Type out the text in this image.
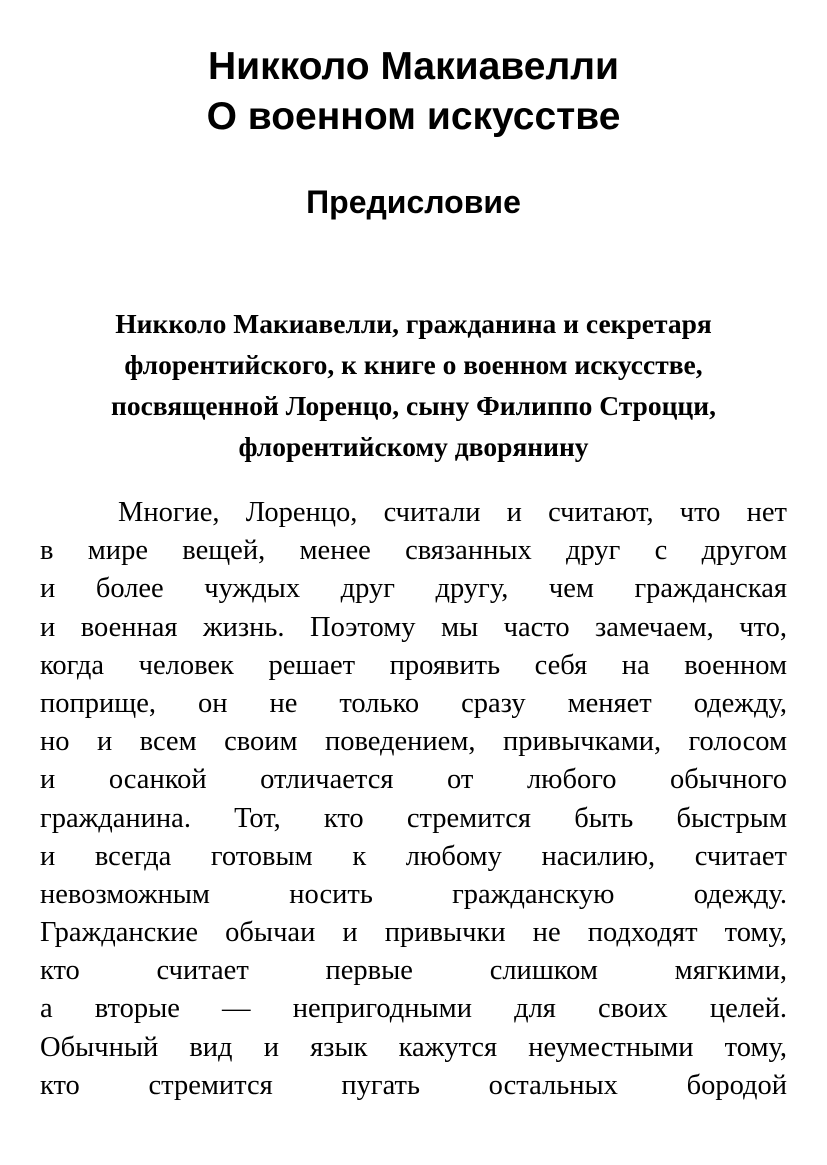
Никколо Макиавелли
О военном искусстве
Предисловие
Никколо Макиавелли, гражданина и секретаря
флорентийского, к книге о военном искусстве,
посвященной Лоренцо, сыну Филиппо Строцци,
флорентийскому дворянину
Многие, Лоренцо, считали и считают, что нет
в мире вещей, менее связанных друг с другом
и более чуждых друг другу, чем гражданская
и военная жизнь. Поэтому мы часто замечаем, что,
когда человек решает проявить себя на военном
поприще, он не только сразу меняет одежду,
но и всем своим поведением, привычками, голосом
и осанкой отличается от любого обычного
гражданина. Тот, кто стремится быть быстрым
и всегда готовым к любому насилию, считает
невозможным носить гражданскую одежду.
Гражданские обычаи и привычки не подходят тому,
кто считает первые слишком мягкими,
а вторые — непригодными для своих целей.
Обычный вид и язык кажутся неуместными тому,
кто стремится пугать остальных бородой
